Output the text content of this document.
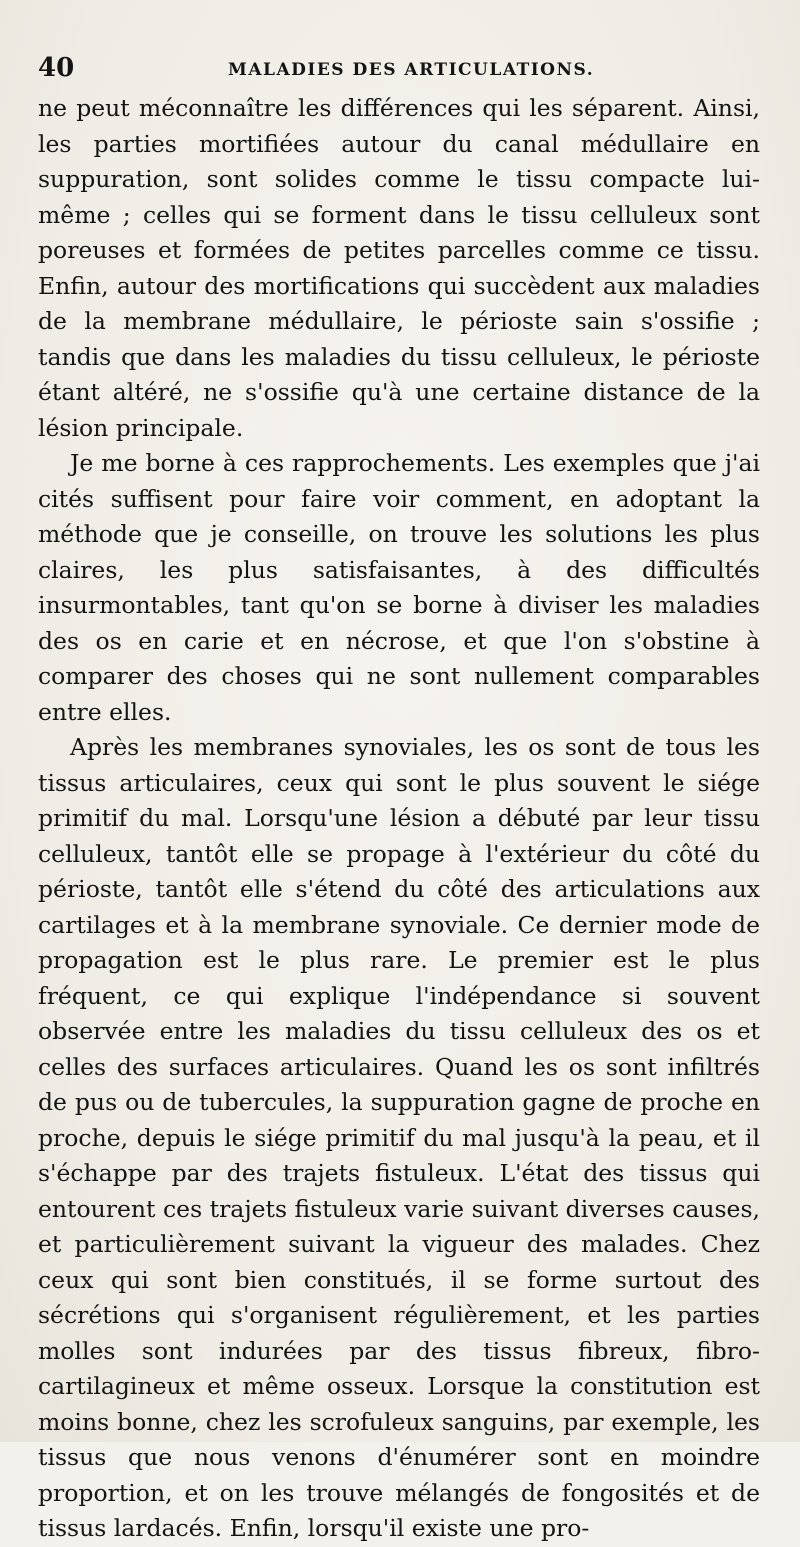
40	MALADIES DES ARTICULATIONS.

ne peut méconnaître les différences qui les séparent. Ainsi, les parties mortifiées autour du canal médullaire en suppuration, sont solides comme le tissu compacte lui-même ; celles qui se forment dans le tissu celluleux sont poreuses et formées de petites parcelles comme ce tissu. Enfin, autour des mortifications qui succèdent aux maladies de la membrane médullaire, le périoste sain s'ossifie ; tandis que dans les maladies du tissu celluleux, le périoste étant altéré, ne s'ossifie qu'à une certaine distance de la lésion principale.

Je me borne à ces rapprochements. Les exemples que j'ai cités suffisent pour faire voir comment, en adoptant la méthode que je conseille, on trouve les solutions les plus claires, les plus satisfaisantes, à des difficultés insurmontables, tant qu'on se borne à diviser les maladies des os en carie et en nécrose, et que l'on s'obstine à comparer des choses qui ne sont nullement comparables entre elles.

Après les membranes synoviales, les os sont de tous les tissus articulaires, ceux qui sont le plus souvent le siége primitif du mal. Lorsqu'une lésion a débuté par leur tissu celluleux, tantôt elle se propage à l'extérieur du côté du périoste, tantôt elle s'étend du côté des articulations aux cartilages et à la membrane synoviale. Ce dernier mode de propagation est le plus rare. Le premier est le plus fréquent, ce qui explique l'indépendance si souvent observée entre les maladies du tissu celluleux des os et celles des surfaces articulaires. Quand les os sont infiltrés de pus ou de tubercules, la suppuration gagne de proche en proche, depuis le siége primitif du mal jusqu'à la peau, et il s'échappe par des trajets fistuleux. L'état des tissus qui entourent ces trajets fistuleux varie suivant diverses causes, et particulièrement suivant la vigueur des malades. Chez ceux qui sont bien constitués, il se forme surtout des sécrétions qui s'organisent régulièrement, et les parties molles sont indurées par des tissus fibreux, fibro-cartilagineux et même osseux. Lorsque la constitution est moins bonne, chez les scrofuleux sanguins, par exemple, les tissus que nous venons d'énumérer sont en moindre proportion, et on les trouve mélangés de fongosités et de tissus lardacés. Enfin, lorsqu'il existe une pro-
